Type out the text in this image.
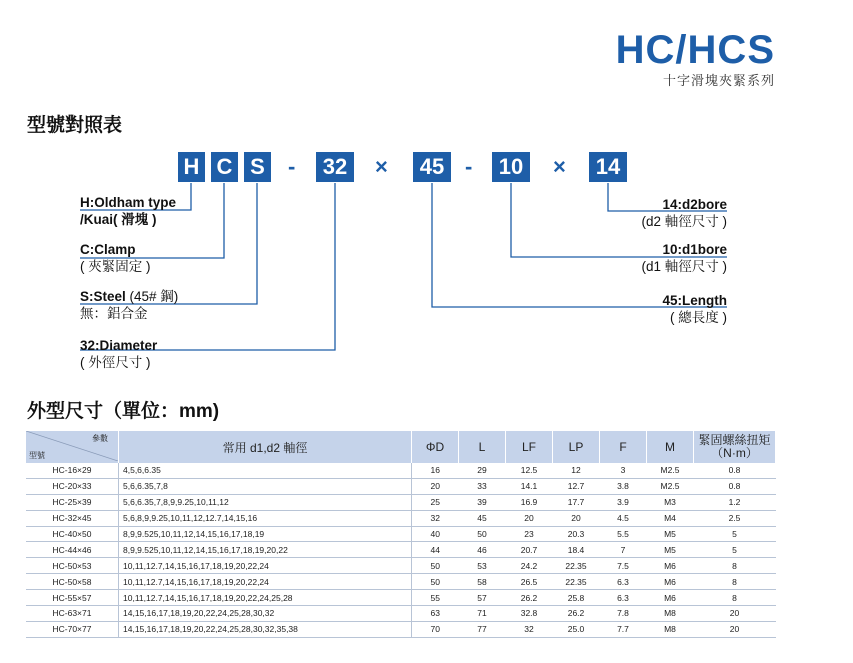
HC/HCS
十字滑塊夾緊系列
型號對照表
H C S -	32	×	45 -	10	×	14
H:Oldham type
/Kuai( 滑塊 )
C:Clamp
( 夾緊固定 )
S:Steel (45# 鋼)
無：鋁合金
32:Diameter
( 外徑尺寸 )
14:d2bore
(d2 軸徑尺寸 )
10:d1bore
(d1 軸徑尺寸 )
45:Length
( 總長度 )
外型尺寸（單位：mm)
參數
型號	常用 d1,d2 軸徑	ΦD	L	LF	LP	F	M	緊固螺絲扭矩
（N·m）
HC-16×29	4,5,6,6.35	16	29	12.5	12	3	M2.5	0.8
HC-20×33	5,6,6.35,7,8	20	33	14.1	12.7	3.8	M2.5	0.8
HC-25×39	5,6,6.35,7,8,9,9.25,10,11,12	25	39	16.9	17.7	3.9	M3	1.2
HC-32×45	5,6,8,9,9.25,10,11,12,12.7,14,15,16	32	45	20	20	4.5	M4	2.5
HC-40×50	8,9,9.525,10,11,12,14,15,16,17,18,19	40	50	23	20.3	5.5	M5	5
HC-44×46	8,9,9.525,10,11,12,14,15,16,17,18,19,20,22	44	46	20.7	18.4	7	M5	5
HC-50×53	10,11,12.7,14,15,16,17,18,19,20,22,24	50	53	24.2	22.35	7.5	M6	8
HC-50×58	10,11,12.7,14,15,16,17,18,19,20,22,24	50	58	26.5	22.35	6.3	M6	8
HC-55×57	10,11,12.7,14,15,16,17,18,19,20,22,24,25,28	55	57	26.2	25.8	6.3	M6	8
HC-63×71	14,15,16,17,18,19,20,22,24,25,28,30,32	63	71	32.8	26.2	7.8	M8	20
HC-70×77	14,15,16,17,18,19,20,22,24,25,28,30,32,35,38	70	77	32	25.0	7.7	M8	20
